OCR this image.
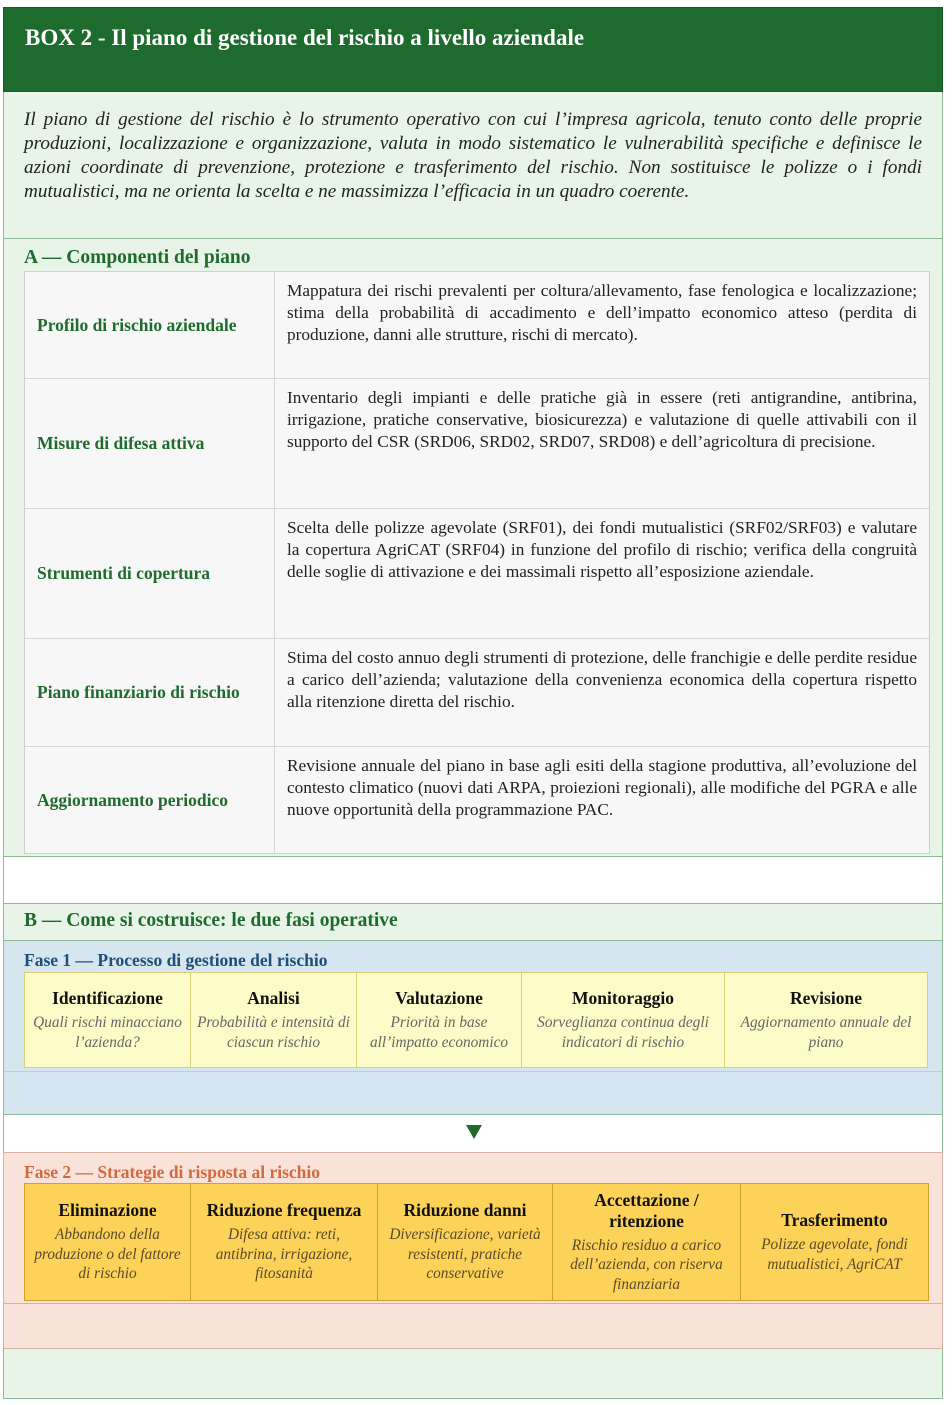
BOX 2 - Il piano di gestione del rischio a livello aziendale

Il piano di gestione del rischio è lo strumento operativo con cui l’impresa agricola, tenuto conto delle proprie produzioni, localizzazione e organizzazione, valuta in modo sistematico le vulnerabilità specifiche e definisce le azioni coordinate di prevenzione, protezione e trasferimento del rischio. Non sostituisce le polizze o i fondi mutualistici, ma ne orienta la scelta e ne massimizza l’efficacia in un quadro coerente.

A — Componenti del piano
Profilo di rischio aziendale
Mappatura dei rischi prevalenti per coltura/allevamento, fase fenologica e localizzazione; stima della probabilità di accadimento e dell’impatto economico atteso (perdita di produzione, danni alle strutture, rischi di mercato).
Misure di difesa attiva
Inventario degli impianti e delle pratiche già in essere (reti antigrandine, antibrina, irrigazione, pratiche conservative, biosicurezza) e valutazione di quelle attivabili con il supporto del CSR (SRD06, SRD02, SRD07, SRD08) e dell’agricoltura di precisione.
Strumenti di copertura
Scelta delle polizze agevolate (SRF01), dei fondi mutualistici (SRF02/SRF03) e valutare la copertura AgriCAT (SRF04) in funzione del profilo di rischio; verifica della congruità delle soglie di attivazione e dei massimali rispetto all’esposizione aziendale.
Piano finanziario di rischio
Stima del costo annuo degli strumenti di protezione, delle franchigie e delle perdite residue a carico dell’azienda; valutazione della convenienza economica della copertura rispetto alla ritenzione diretta del rischio.
Aggiornamento periodico
Revisione annuale del piano in base agli esiti della stagione produttiva, all’evoluzione del contesto climatico (nuovi dati ARPA, proiezioni regionali), alle modifiche del PGRA e alle nuove opportunità della programmazione PAC.
B — Come si costruisce: le due fasi operative
Fase 1 — Processo di gestione del rischio
Identificazione
Quali rischi minacciano l’azienda?
Analisi
Probabilità e intensità di ciascun rischio
Valutazione
Priorità in base all’impatto economico
Monitoraggio
Sorveglianza continua degli indicatori di rischio
Revisione
Aggiornamento annuale del piano
Fase 2 — Strategie di risposta al rischio
Eliminazione
Abbandono della produzione o del fattore di rischio
Riduzione frequenza
Difesa attiva: reti, antibrina, irrigazione, fitosanità
Riduzione danni
Diversificazione, varietà resistenti, pratiche conservative
Accettazione / ritenzione
Rischio residuo a carico dell’azienda, con riserva finanziaria
Trasferimento
Polizze agevolate, fondi mutualistici, AgriCAT
